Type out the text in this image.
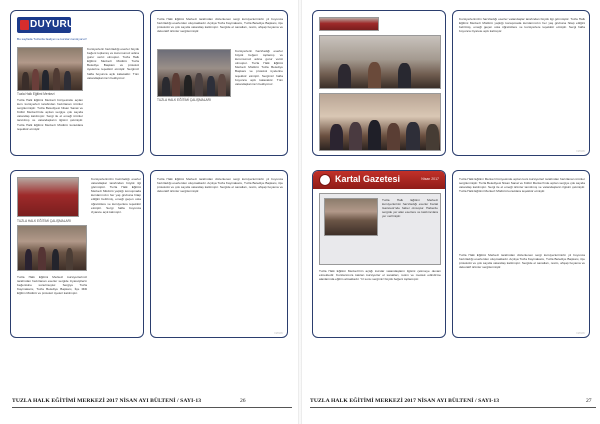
DUYURU
Bu sayfada Tuzla'da faaliyet ve kursları tanıtıyoruz!
Tuzla Halk Eğitimi Merkezi
Tuzla Halk Eğitimi Merkezi bünyesinde açılan kurs kursiyerleri tarafından hazırlanan ürünler sergilenmiştir. Tuzla Belediyesi Nisan Sanat ve Kültür Merkezi'nde açılan sergiye çok sayıda vatandaş katılmıştır. Sergi ile el emeği ürünler tanıtılmış ve vatandaşların ilgisini çekmiştir. Tuzla Halk Eğitimi Merkezi Müdürü konuklara teşekkür etmiştir.
Kursiyerlerin hazırladığı eserler büyük beğeni toplamış ve kurumumuz adına gurur verici olmuştur. Tuzla Halk Eğitimi Merkezi Müdürü Tuzla Belediye Başkanı ve protokol üyelerine teşekkür etmiştir. Sergimiz hafta boyunca açık kalacaktır. Tüm vatandaşlarımızı bekliyoruz.
Tuzla Halk Eğitimi Merkezi tarafından düzenlenen sergi kursiyerlerimizin yıl boyunca hazırladığı eserlerden oluşmaktadır. Açılışa Tuzla Kaymakamı, Tuzla Belediye Başkanı, ilçe protokolü ve çok sayıda vatandaş katılmıştır. Sergide el sanatları, resim, ahşap boyama ve dekoratif ürünler sergilenmiştir.
TUZLA HALK EĞİTİMİ ÇALIŞMALARI
Kursiyerlerin hazırladığı eserler büyük beğeni toplamış ve kurumumuz adına gurur verici olmuştur. Tuzla Halk Eğitimi Merkezi Müdürü Tuzla Belediye Başkanı ve protokol üyelerine teşekkür etmiştir. Sergimiz hafta boyunca açık kalacaktır. Tüm vatandaşlarımızı bekliyoruz.
TUZLA HALK EĞİTİMİ ÇALIŞMALARI
Tuzla Halk Eğitimi Merkezi kursiyerlerimiz tarafından hazırlanan eserler sergide ziyaretçilerin beğenisine sunulmuştur. Sergiye Tuzla Kaymakamı, Tuzla Belediye Başkanı, İlçe Milli Eğitim Müdürü ve protokol üyeleri katılmıştır.
Kursiyerlerimizin hazırladığı eserler vatandaşlar tarafından büyük ilgi görmüştür. Tuzla Halk Eğitimi Merkezi Müdürü yaptığı konuşmada kurslarımızın her yaş grubuna hitap ettiğini belirtmiş, emeği geçen usta öğreticilere ve kursiyerlere teşekkür etmiştir. Sergi hafta boyunca ziyarete açık kalmıştır.
Tuzla Halk Eğitimi Merkezi tarafından düzenlenen sergi kursiyerlerimizin yıl boyunca hazırladığı eserlerden oluşmaktadır. Açılışa Tuzla Kaymakamı, Tuzla Belediye Başkanı, ilçe protokolü ve çok sayıda vatandaş katılmıştır. Sergide el sanatları, resim, ahşap boyama ve dekoratif ürünler sergilenmiştir.
www
TUZLA HALK EĞİTİMİ MERKEZİ 2017 NİSAN AYI BÜLTENİ / SAYI-13	26
Kursiyerlerimizin hazırladığı eserler vatandaşlar tarafından büyük ilgi görmüştür. Tuzla Halk Eğitimi Merkezi Müdürü yaptığı konuşmada kurslarımızın her yaş grubuna hitap ettiğini belirtmiş, emeği geçen usta öğreticilere ve kursiyerlere teşekkür etmiştir. Sergi hafta boyunca ziyarete açık kalmıştır.
www
Kartal Gazetesi	Nisan 2017
Tuzla Halk Eğitimi Merkezi kursiyerlerinin hazırladığı eserler Kartal Gazetesi'nde haber olmuştur. Haberde sergide yer alan eserlere ve katılımcılara yer verilmiştir.
Tuzla Halk Eğitimi Merkezi'nin açtığı kurslar vatandaşların ilgisini çekmeye devam etmektedir. Kurslarımıza katılan kursiyerler el sanatları, resim ve meslek edindirme alanlarında eğitim almaktadır. Yıl sonu sergimiz büyük beğeni toplamıştır.
Tuzla Halk Eğitimi Merkezi bünyesinde açılan kurs kursiyerleri tarafından hazırlanan ürünler sergilenmiştir. Tuzla Belediyesi Nisan Sanat ve Kültür Merkezi'nde açılan sergiye çok sayıda vatandaş katılmıştır. Sergi ile el emeği ürünler tanıtılmış ve vatandaşların ilgisini çekmiştir. Tuzla Halk Eğitimi Merkezi Müdürü konuklara teşekkür etmiştir.
Tuzla Halk Eğitimi Merkezi tarafından düzenlenen sergi kursiyerlerimizin yıl boyunca hazırladığı eserlerden oluşmaktadır. Açılışa Tuzla Kaymakamı, Tuzla Belediye Başkanı, ilçe protokolü ve çok sayıda vatandaş katılmıştır. Sergide el sanatları, resim, ahşap boyama ve dekoratif ürünler sergilenmiştir.
www
TUZLA HALK EĞİTİMİ MERKEZİ 2017 NİSAN AYI BÜLTENİ / SAYI-13	27
